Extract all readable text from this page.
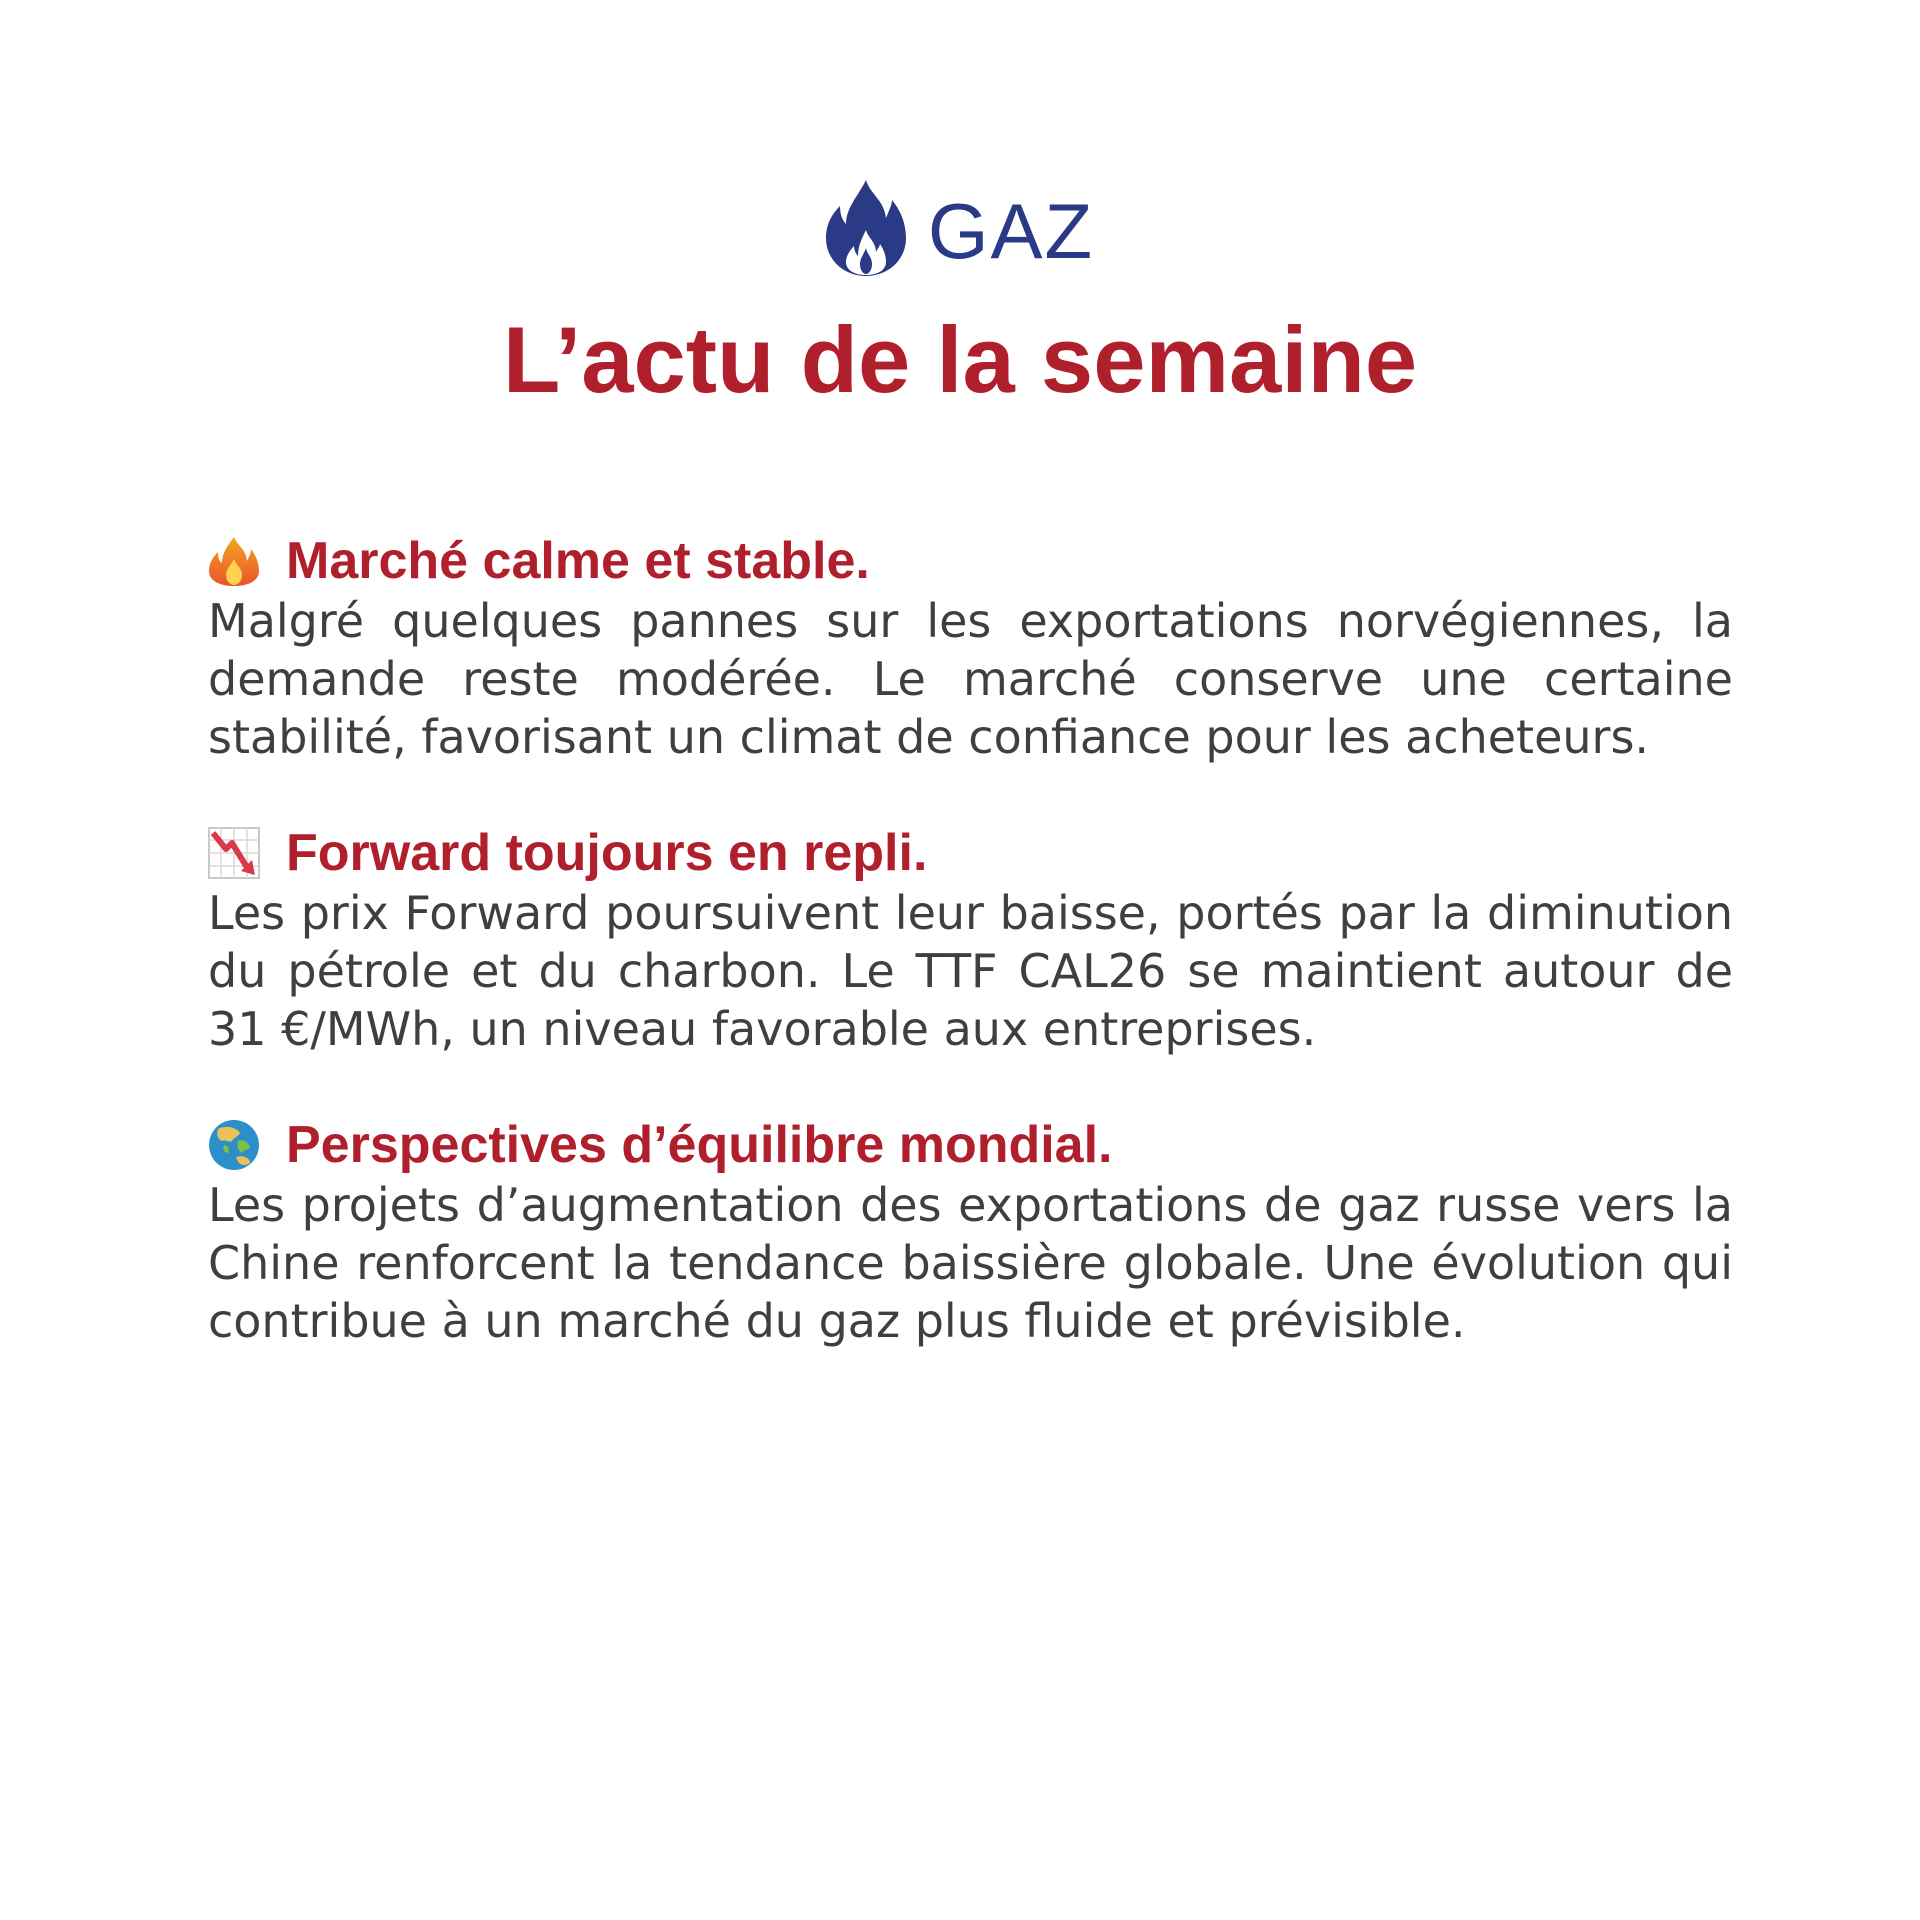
GAZ
L’actu de la semaine
Marché calme et stable.

Malgré quelques pannes sur les exportations norvégiennes, la demande reste modérée. Le marché conserve une certaine stabilité, favorisant un climat de confiance pour les acheteurs.

Forward toujours en repli.

Les prix Forward poursuivent leur baisse, portés par la diminution du pétrole et du charbon. Le TTF CAL26 se maintient autour de 31 €/MWh, un niveau favorable aux entreprises.

Perspectives d’équilibre mondial.

Les projets d’augmentation des exportations de gaz russe vers la Chine renforcent la tendance baissière globale. Une évolution qui contribue à un marché du gaz plus fluide et prévisible.
